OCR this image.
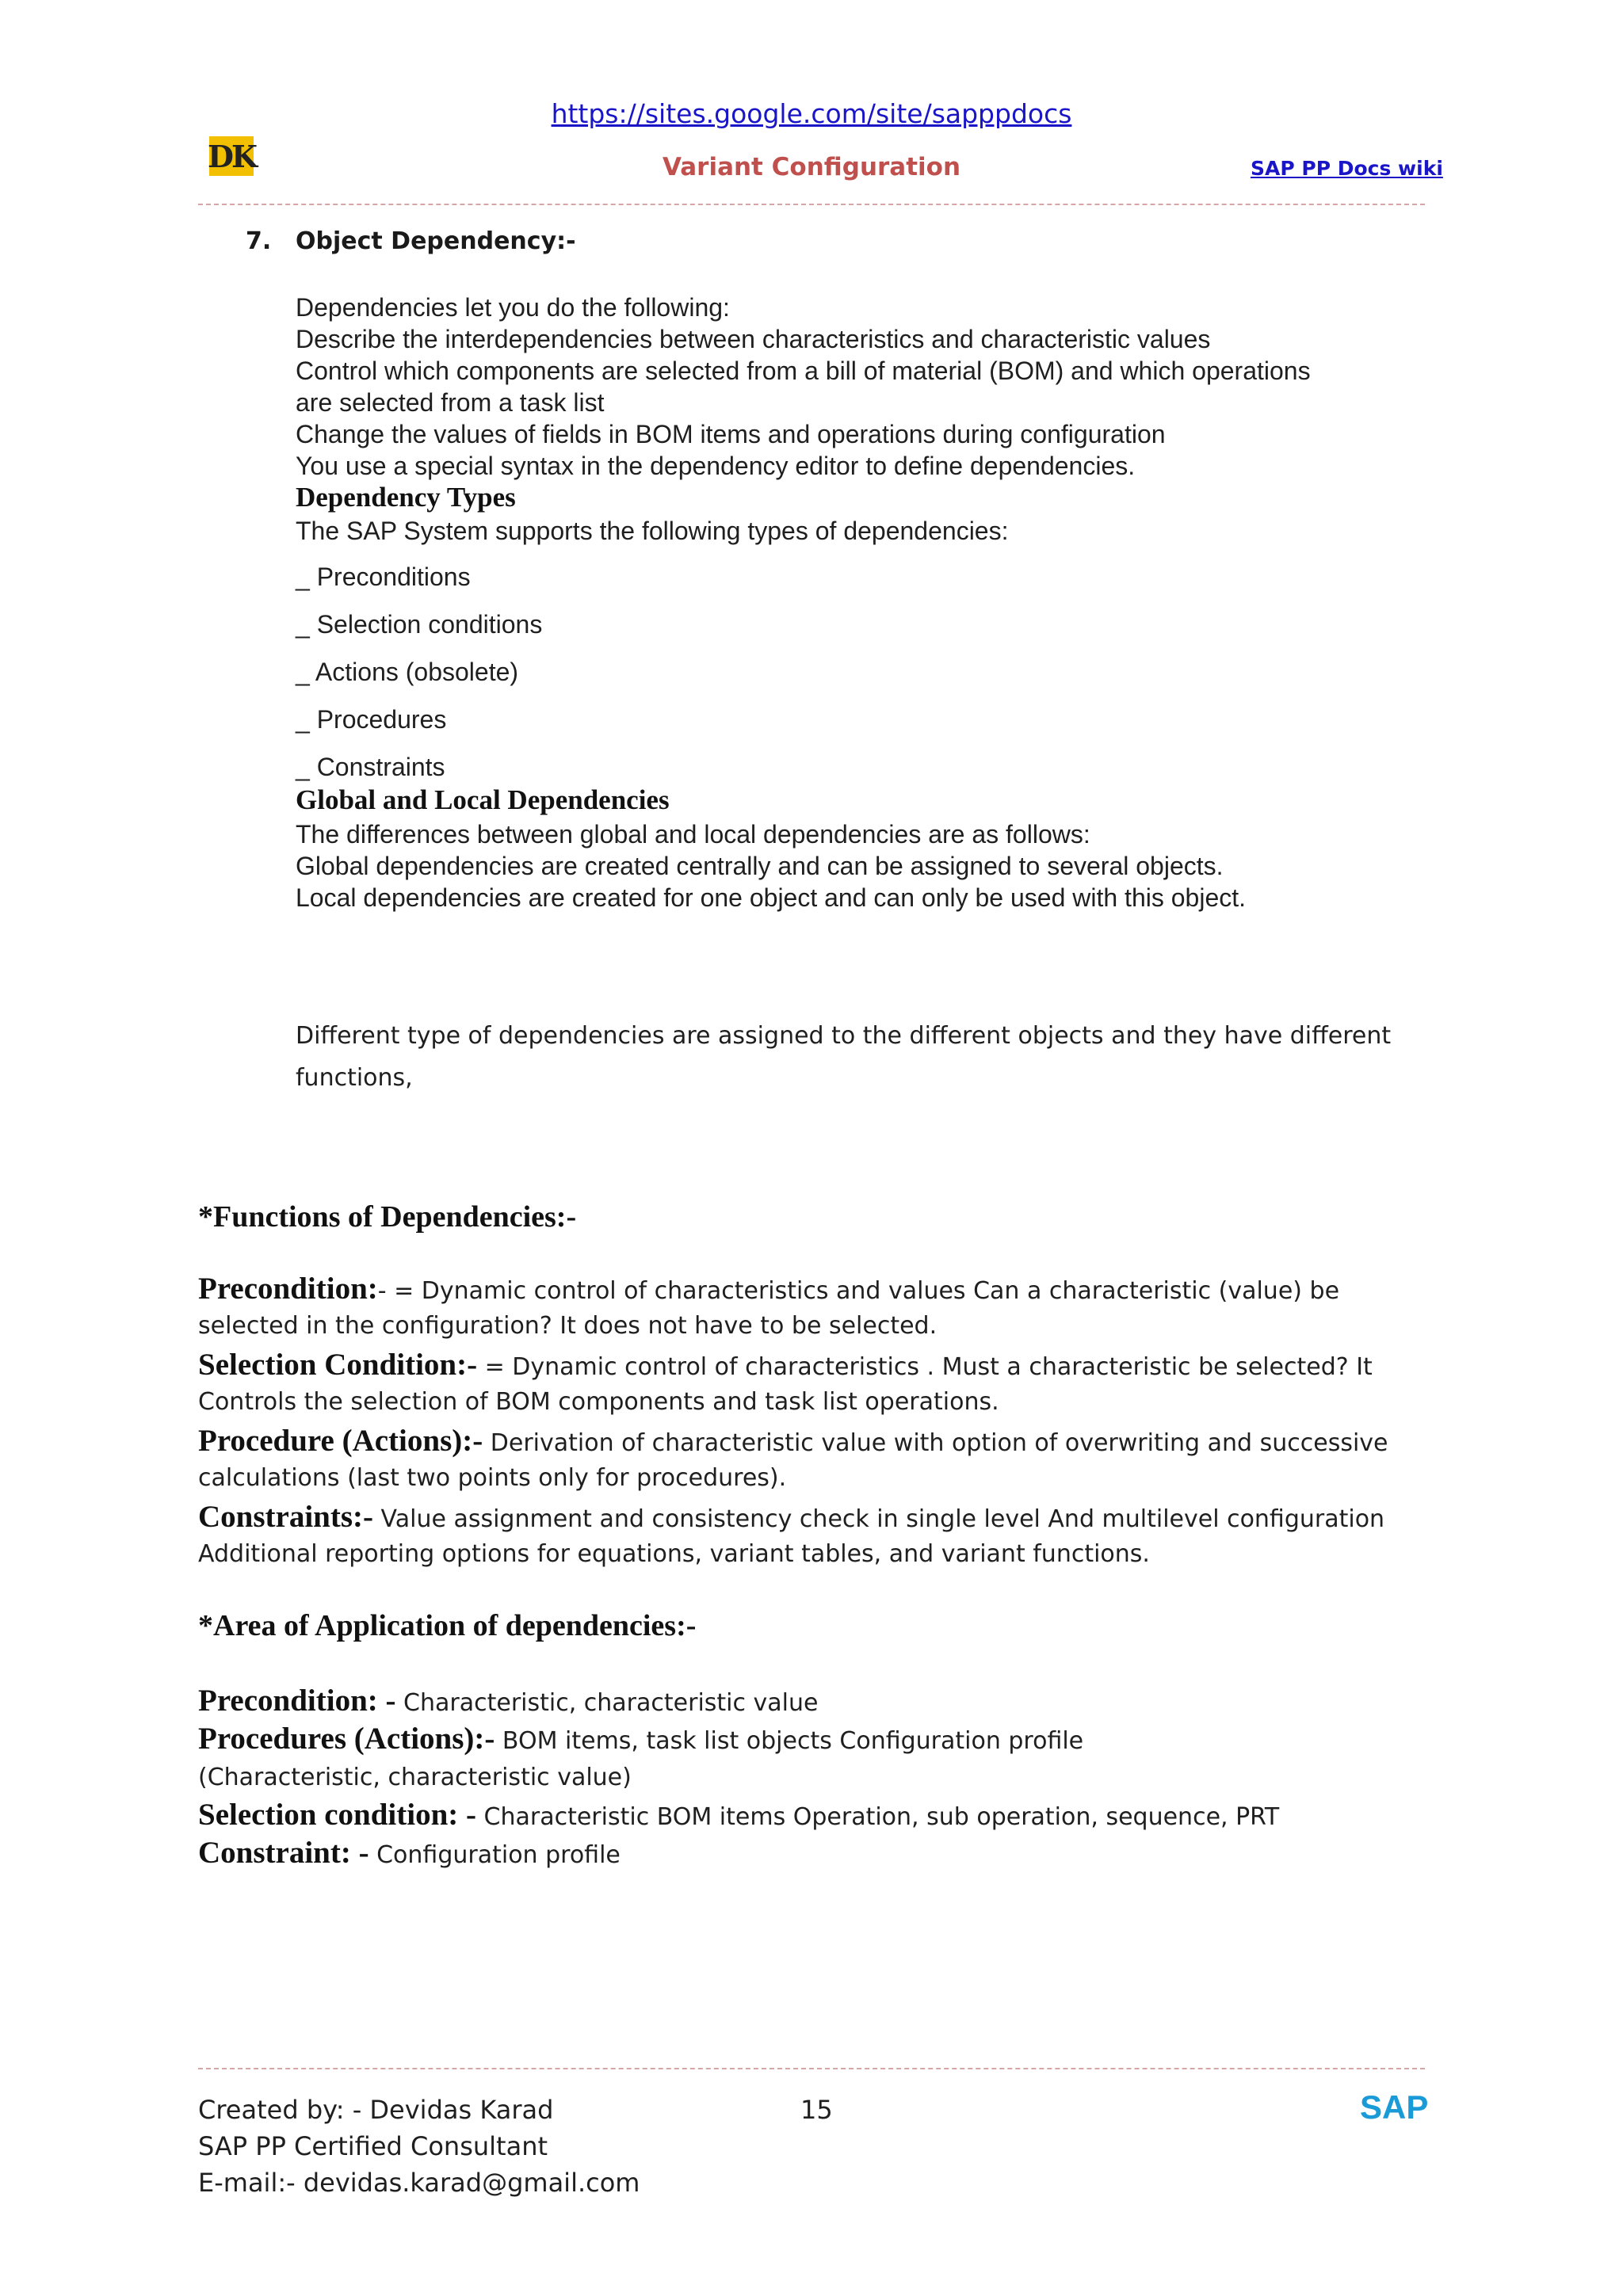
https://sites.google.com/site/sapppdocs
DK	Variant Configuration	SAP PP Docs wiki
7. Object Dependency:-
Dependencies let you do the following:
Describe the interdependencies between characteristics and characteristic values
Control which components are selected from a bill of material (BOM) and which operations
are selected from a task list
Change the values of fields in BOM items and operations during configuration
You use a special syntax in the dependency editor to define dependencies.
Dependency Types
The SAP System supports the following types of dependencies:
_ Preconditions
_ Selection conditions
_ Actions (obsolete)
_ Procedures
_ Constraints
Global and Local Dependencies
The differences between global and local dependencies are as follows:
Global dependencies are created centrally and can be assigned to several objects.
Local dependencies are created for one object and can only be used with this object.
Different type of dependencies are assigned to the different objects and they have different
functions,
*Functions of Dependencies:-
Precondition:- = Dynamic control of characteristics and values Can a characteristic (value) be
selected in the configuration? It does not have to be selected.
Selection Condition:- = Dynamic control of characteristics . Must a characteristic be selected? It
Controls the selection of BOM components and task list operations.
Procedure (Actions):- Derivation of characteristic value with option of overwriting and successive
calculations (last two points only for procedures).
Constraints:- Value assignment and consistency check in single level And multilevel configuration
Additional reporting options for equations, variant tables, and variant functions.
*Area of Application of dependencies:-
Precondition: - Characteristic, characteristic value
Procedures (Actions):- BOM items, task list objects Configuration profile
(Characteristic, characteristic value)
Selection condition: - Characteristic BOM items Operation, sub operation, sequence, PRT
Constraint: - Configuration profile
Created by: - Devidas Karad	15	SAP
SAP PP Certified Consultant
E-mail:- devidas.karad@gmail.com
